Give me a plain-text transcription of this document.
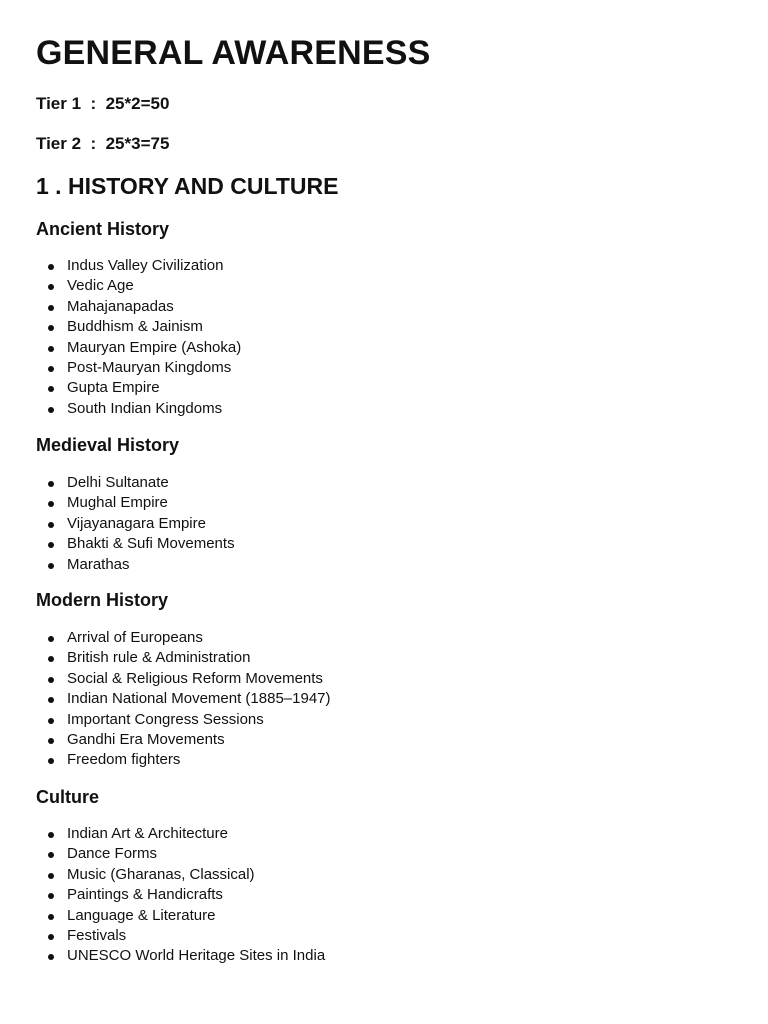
GENERAL AWARENESS

Tier 1  :  25*2=50

Tier 2  :  25*3=75

1 . HISTORY AND CULTURE
Ancient History
Indus Valley Civilization
Vedic Age
Mahajanapadas
Buddhism & Jainism
Mauryan Empire (Ashoka)
Post-Mauryan Kingdoms
Gupta Empire
South Indian Kingdoms
Medieval History
Delhi Sultanate
Mughal Empire
Vijayanagara Empire
Bhakti & Sufi Movements
Marathas
Modern History
Arrival of Europeans
British rule & Administration
Social & Religious Reform Movements
Indian National Movement (1885–1947)
Important Congress Sessions
Gandhi Era Movements
Freedom fighters
Culture
Indian Art & Architecture
Dance Forms
Music (Gharanas, Classical)
Paintings & Handicrafts
Language & Literature
Festivals
UNESCO World Heritage Sites in India
